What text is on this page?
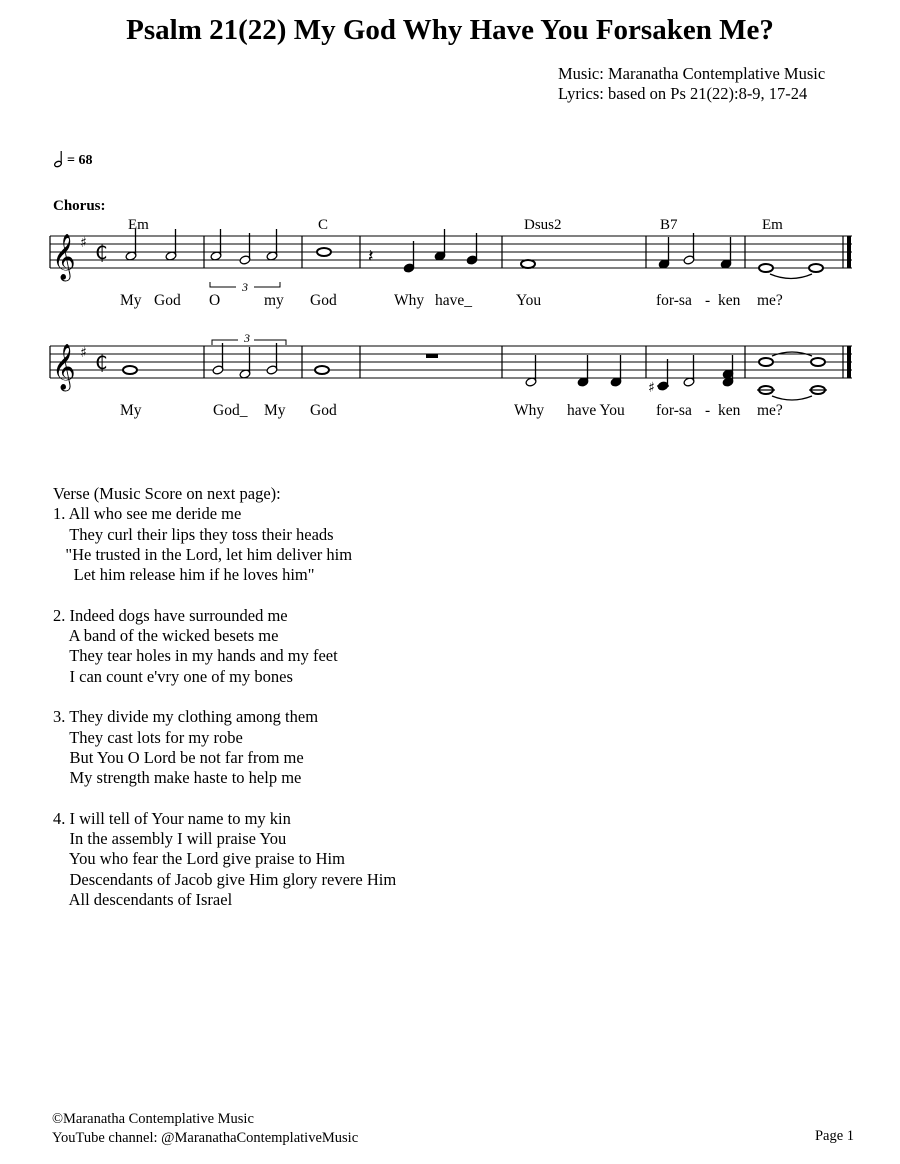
Psalm 21(22) My God Why Have You Forsaken Me?
Music: Maranatha Contemplative Music
Lyrics: based on Ps 21(22):8-9, 17-24
= 68
Chorus:
Em	C	Dsus2	B7	Em
𝄞
𝄞
♯
♯
₵
₵
♯
𝄽
3
3
My God O	my God	Why have_	You	for-sa - ken me?
My	God_ My God	Why have You for-sa - ken me?
Verse (Music Score on next page):
1. All who see me deride me
They curl their lips they toss their heads
"He trusted in the Lord, let him deliver him
Let him release him if he loves him"
2. Indeed dogs have surrounded me
A band of the wicked besets me
They tear holes in my hands and my feet
I can count e'vry one of my bones
3. They divide my clothing among them
They cast lots for my robe
But You O Lord be not far from me
My strength make haste to help me
4. I will tell of Your name to my kin
In the assembly I will praise You
You who fear the Lord give praise to Him
Descendants of Jacob give Him glory revere Him
All descendants of Israel
©Maranatha Contemplative Music
YouTube channel: @MaranathaContemplativeMusic	Page 1
